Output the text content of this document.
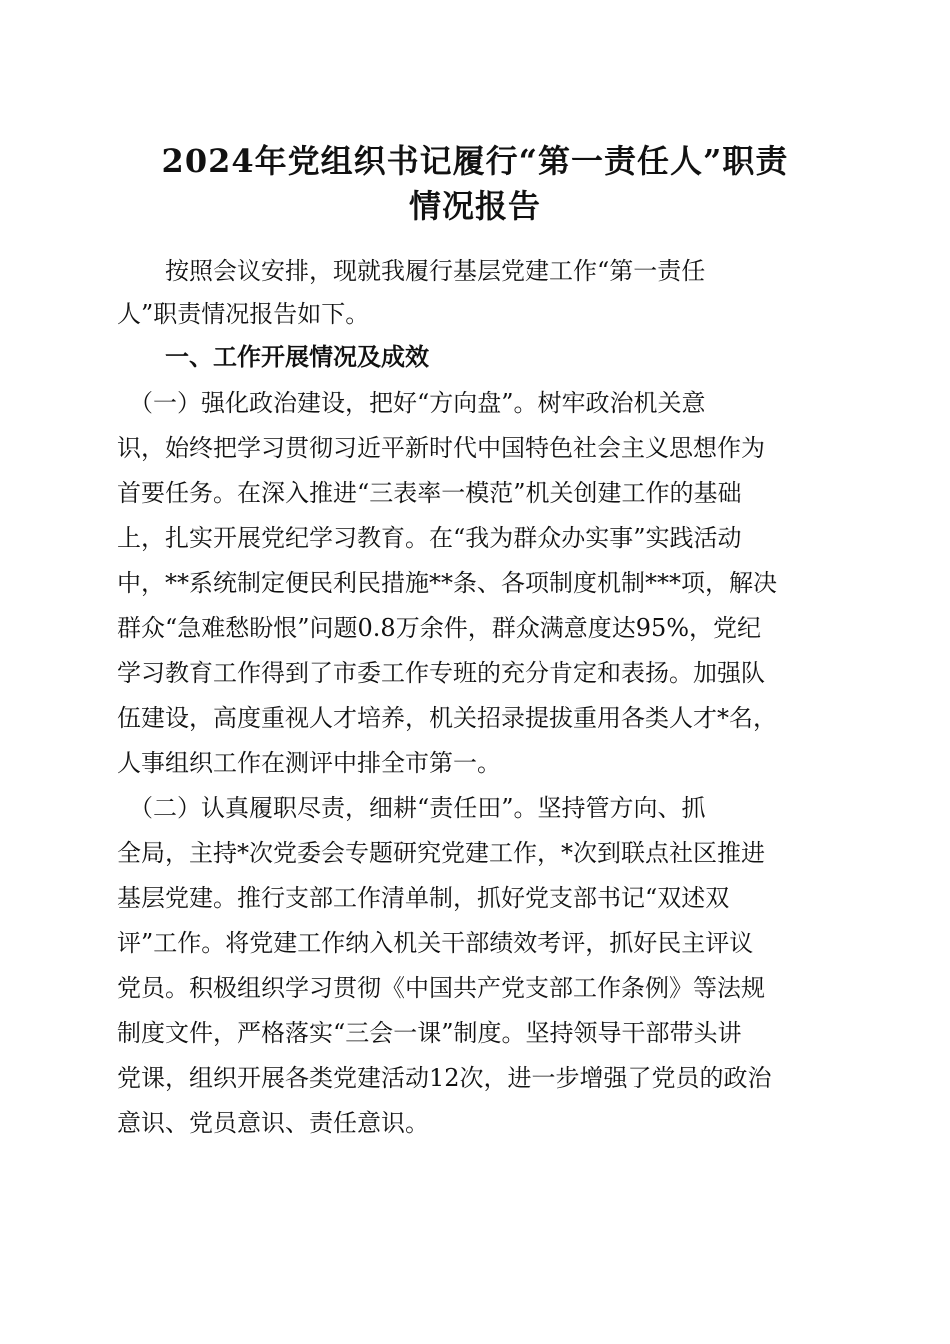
2024年党组织书记履行“第一责任人”职责
情况报告

　　按照会议安排，现就我履行基层党建工作“第一责任

人”职责情况报告如下。

　　一、工作开展情况及成效

　（一）强化政治建设，把好“方向盘”。树牢政治机关意

识，始终把学习贯彻习近平新时代中国特色社会主义思想作为

首要任务。在深入推进“三表率一模范”机关创建工作的基础

上，扎实开展党纪学习教育。在“我为群众办实事”实践活动

中，**系统制定便民利民措施**条、各项制度机制***项，解决

群众“急难愁盼恨”问题0.8万余件，群众满意度达95%，党纪

学习教育工作得到了市委工作专班的充分肯定和表扬。加强队

伍建设，高度重视人才培养，机关招录提拔重用各类人才*名，

人事组织工作在测评中排全市第一。

　（二）认真履职尽责，细耕“责任田”。坚持管方向、抓

全局，主持*次党委会专题研究党建工作，*次到联点社区推进

基层党建。推行支部工作清单制，抓好党支部书记“双述双

评”工作。将党建工作纳入机关干部绩效考评，抓好民主评议

党员。积极组织学习贯彻《中国共产党支部工作条例》等法规

制度文件，严格落实“三会一课”制度。坚持领导干部带头讲

党课，组织开展各类党建活动12次，进一步增强了党员的政治

意识、党员意识、责任意识。
